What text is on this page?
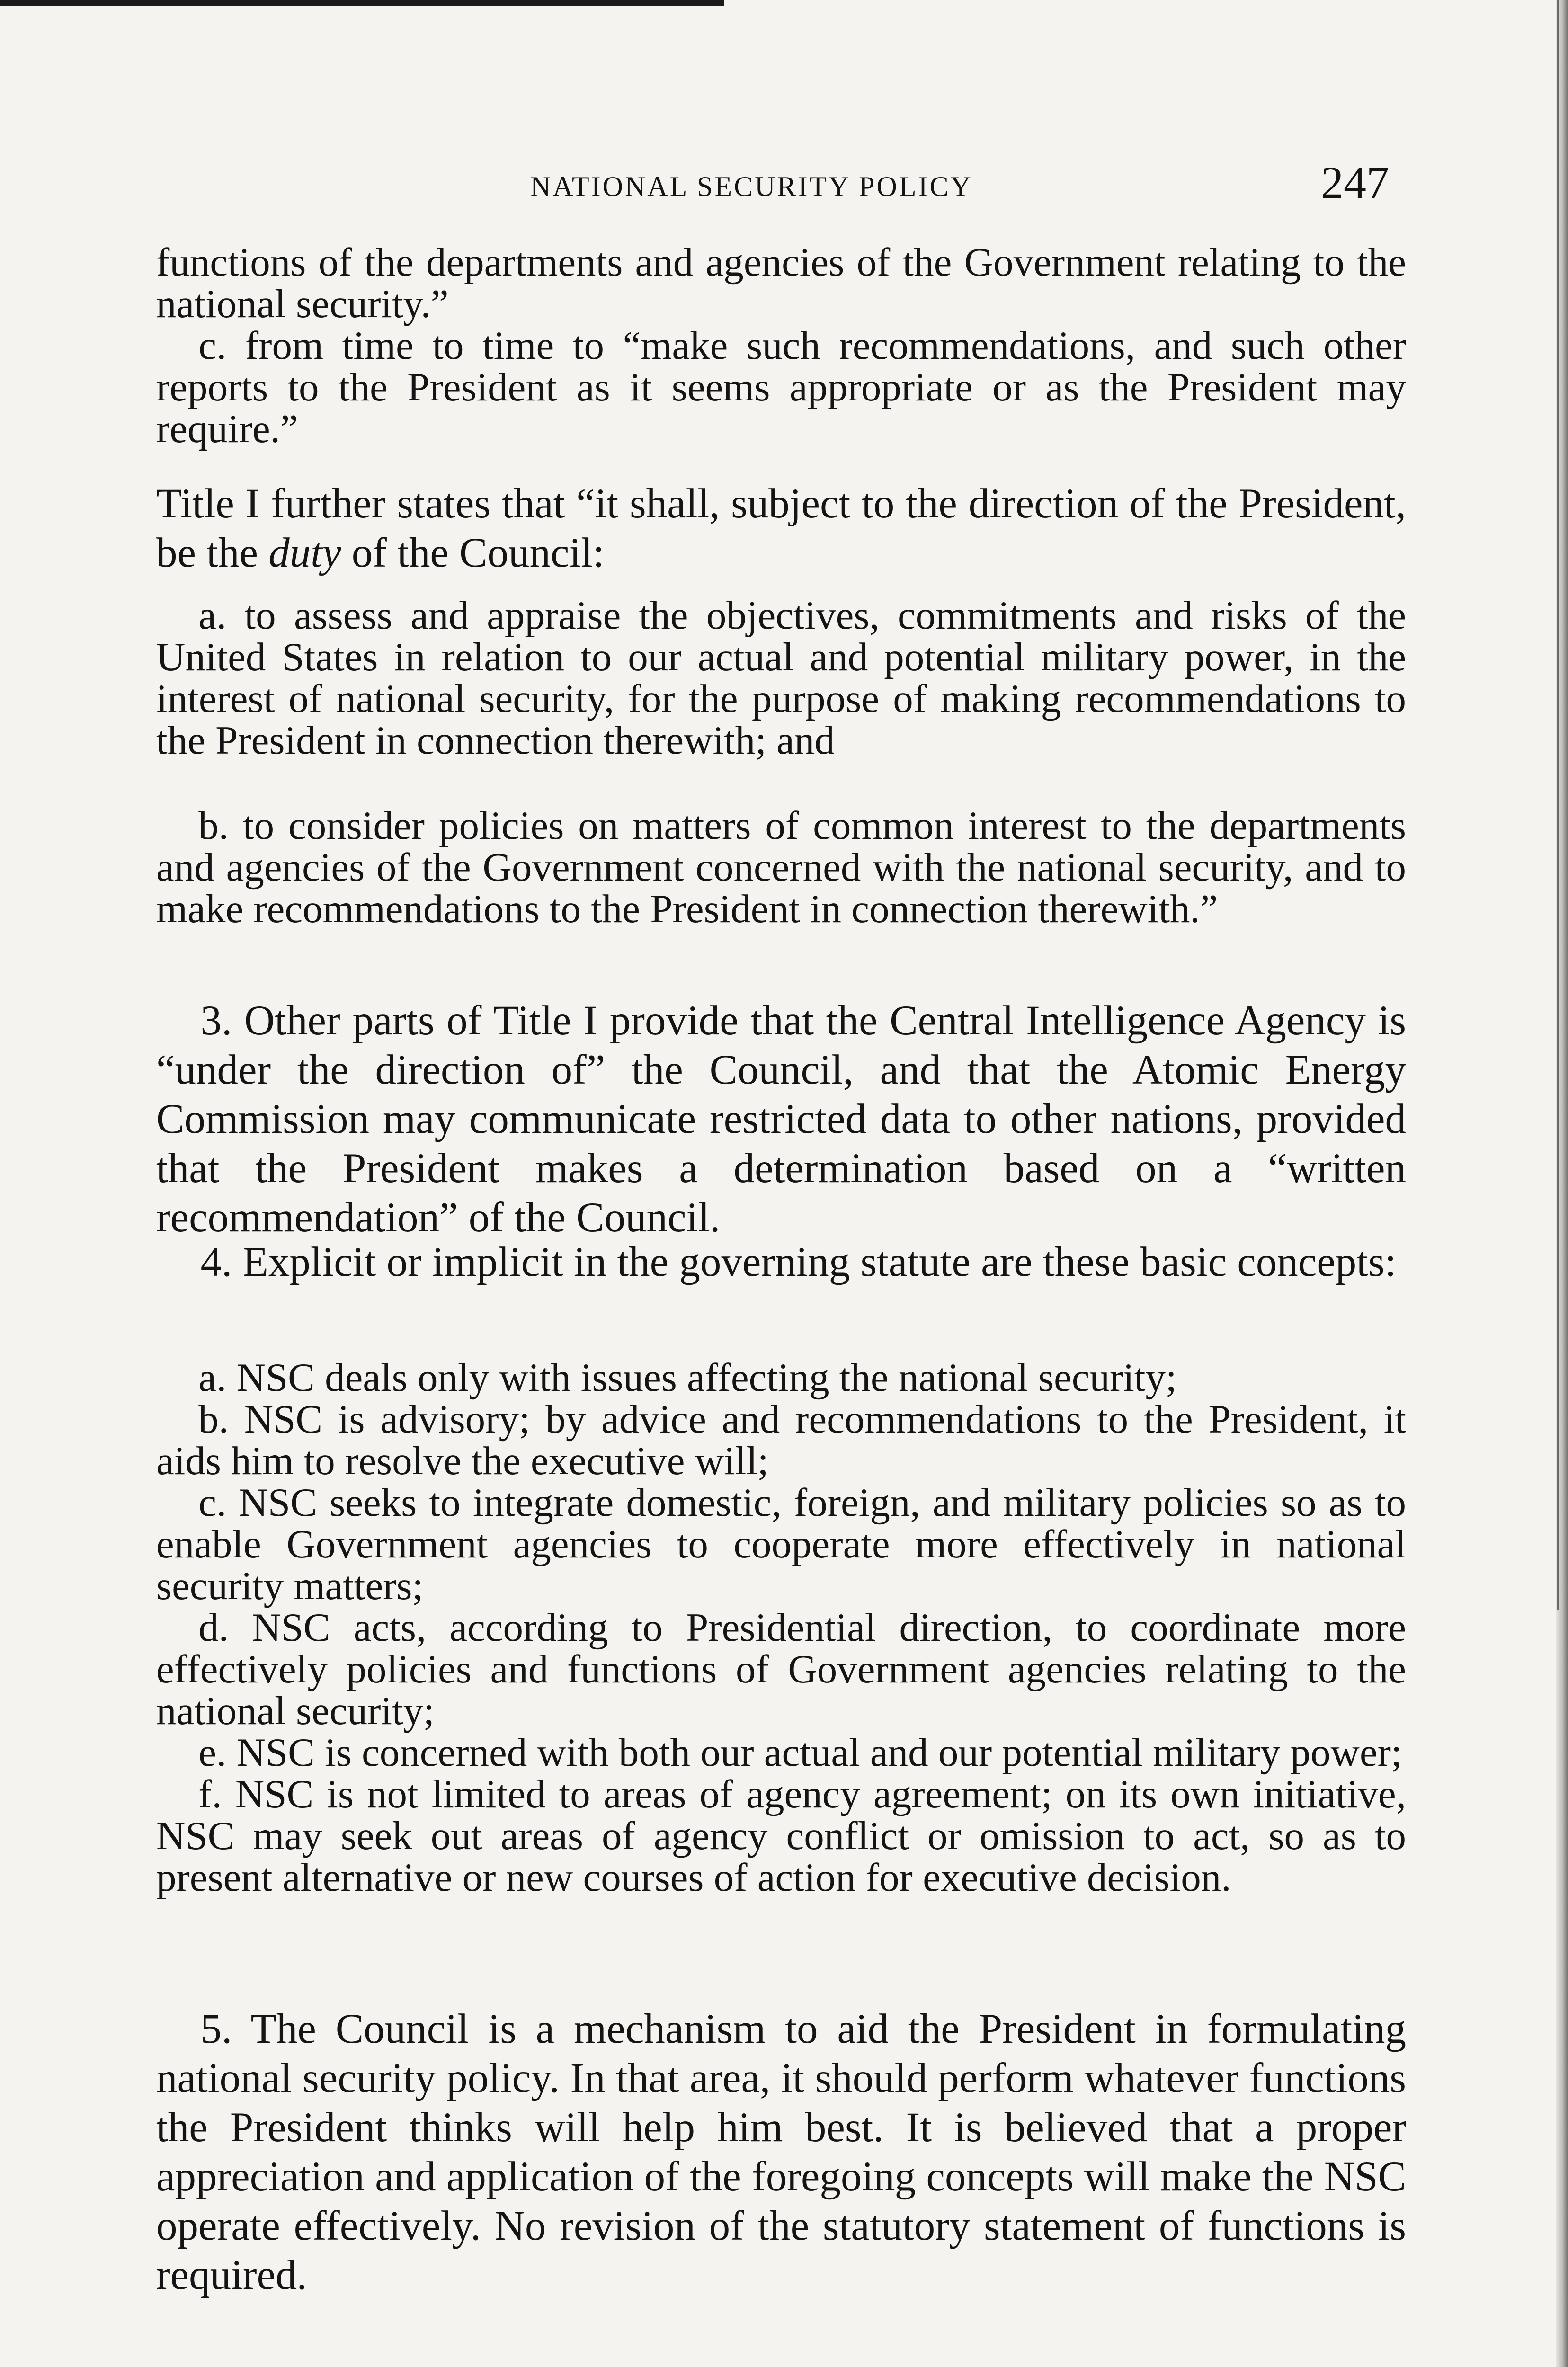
NATIONAL SECURITY POLICY	247

functions of the departments and agencies of the Government relating to the national security.”

c. from time to time to “make such recommendations, and such other reports to the President as it seems appropriate or as the President may require.”

Title I further states that “it shall, subject to the direction of the President, be the duty of the Council:

a. to assess and appraise the objectives, commitments and risks of the United States in relation to our actual and potential military power, in the interest of national security, for the purpose of making recommendations to the President in connection therewith; and

b. to consider policies on matters of common interest to the departments and agencies of the Government concerned with the national security, and to make recommendations to the President in connection therewith.”

3. Other parts of Title I provide that the Central Intelligence Agency is “under the direction of” the Council, and that the Atomic Energy Commission may communicate restricted data to other nations, provided that the President makes a determination based on a “written recommendation” of the Council.

4. Explicit or implicit in the governing statute are these basic concepts:

a. NSC deals only with issues affecting the national security;
b. NSC is advisory; by advice and recommendations to the President, it aids him to resolve the executive will;
c. NSC seeks to integrate domestic, foreign, and military policies so as to enable Government agencies to cooperate more effectively in national security matters;
d. NSC acts, according to Presidential direction, to coordinate more effectively policies and functions of Government agencies relating to the national security;
e. NSC is concerned with both our actual and our potential military power;
f. NSC is not limited to areas of agency agreement; on its own initiative, NSC may seek out areas of agency conflict or omission to act, so as to present alternative or new courses of action for executive decision.

5. The Council is a mechanism to aid the President in formulating national security policy. In that area, it should perform whatever functions the President thinks will help him best. It is believed that a proper appreciation and application of the foregoing concepts will make the NSC operate effectively. No revision of the statutory statement of functions is required.
